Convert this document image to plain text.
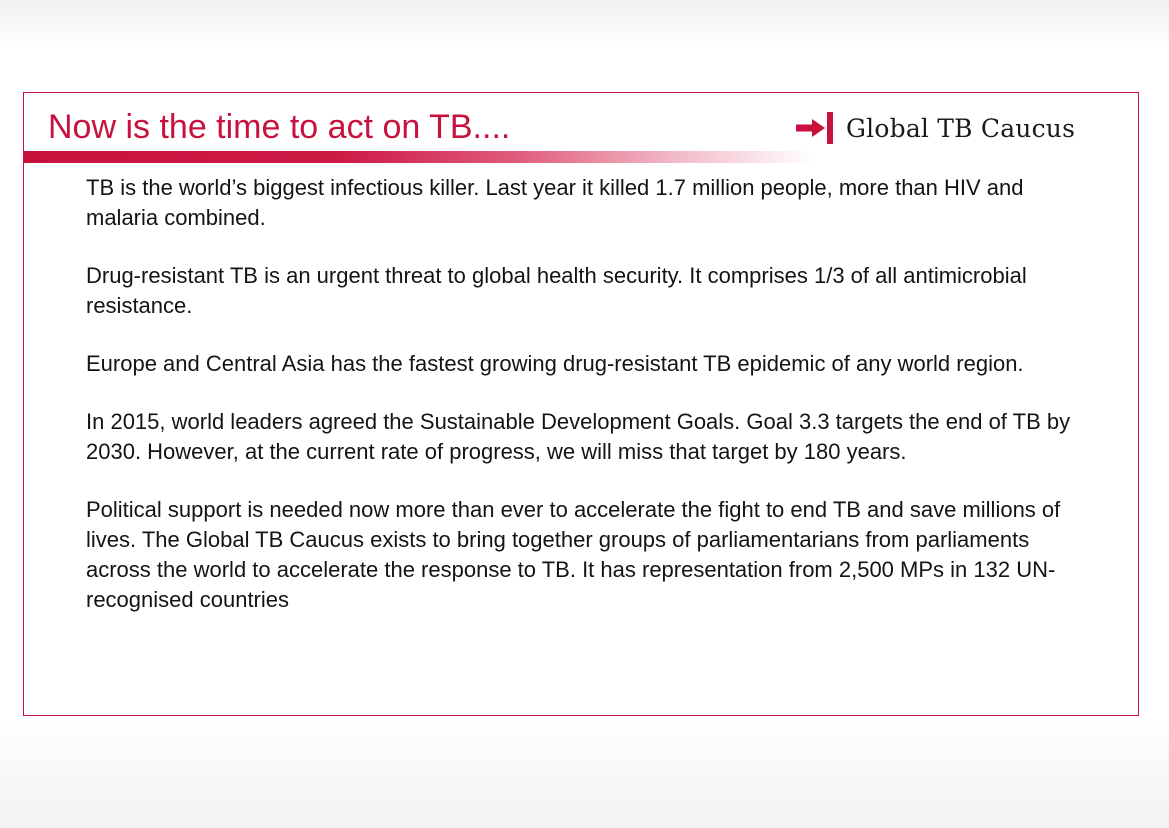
Now is the time to act on TB....	Global TB Caucus

TB is the world’s biggest infectious killer. Last year it killed 1.7 million people, more than HIV and malaria combined.

Drug-resistant TB is an urgent threat to global health security. It comprises 1/3 of all antimicrobial resistance.

Europe and Central Asia has the fastest growing drug-resistant TB epidemic of any world region.

In 2015, world leaders agreed the Sustainable Development Goals. Goal 3.3 targets the end of TB by 2030. However, at the current rate of progress, we will miss that target by 180 years.

Political support is needed now more than ever to accelerate the fight to end TB and save millions of lives. The Global TB Caucus exists to bring together groups of parliamentarians from parliaments across the world to accelerate the response to TB. It has representation from 2,500 MPs in 132 UN-recognised countries
